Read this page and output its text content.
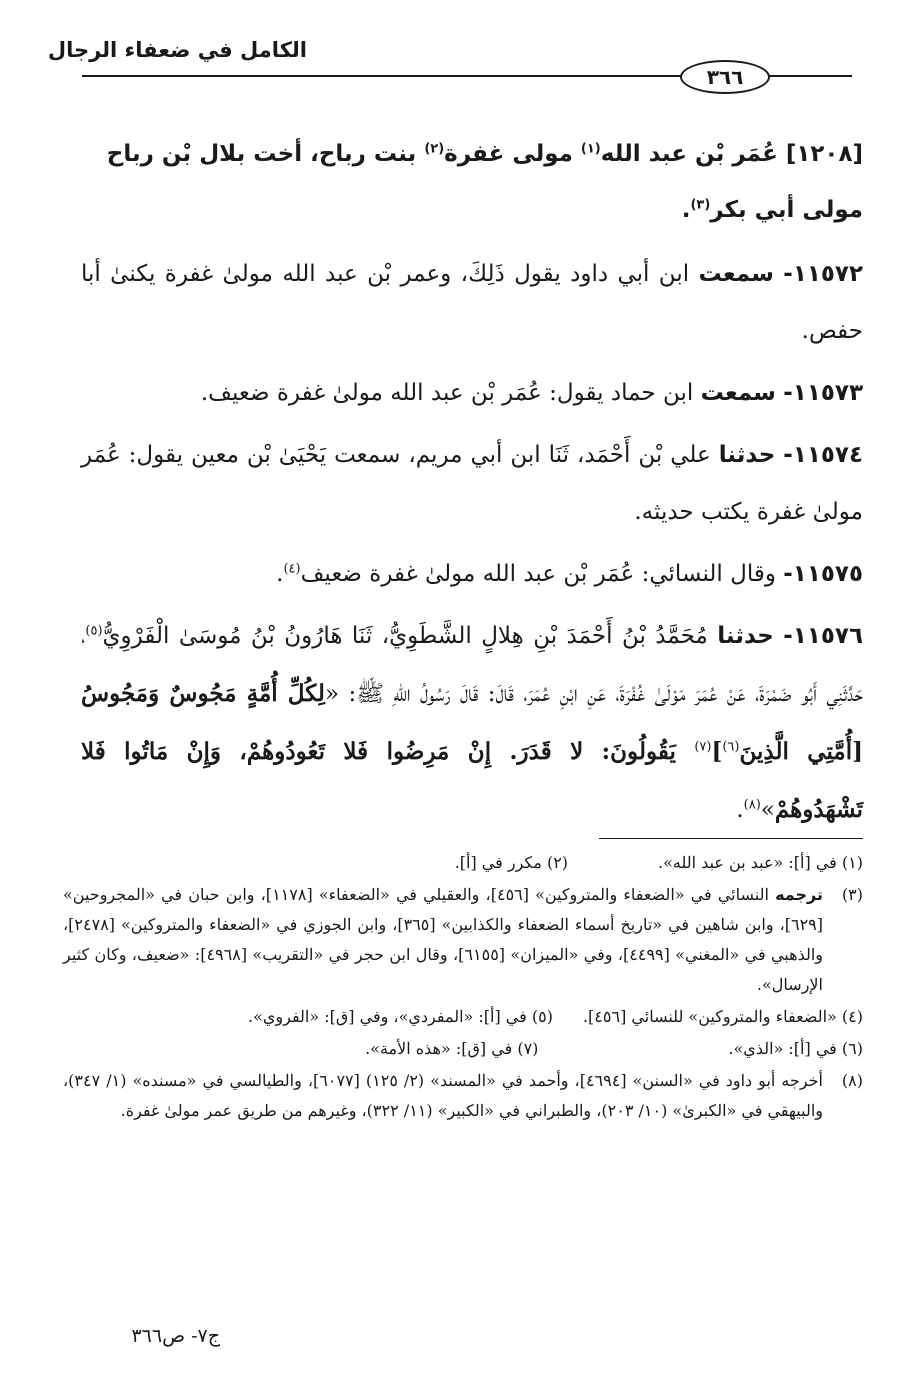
الكامل في ضعفاء الرجال
٣٦٦

[١٢٠٨] عُمَر بْن عبد الله$^{(١)}$ مولى غفرة$^{(٢)}$ بنت رباح، أخت بلال بْن رباح مولى أبي بكر$^{(٣)}$.

١١٥٧٢- سمعت ابن أبي داود يقول ذَلِكَ، وعمر بْن عبد الله مولىٰ غفرة يكنىٰ أبا حفص.

١١٥٧٣- سمعت ابن حماد يقول: عُمَر بْن عبد الله مولىٰ غفرة ضعيف.

١١٥٧٤- حدثنا علي بْن أَحْمَد، ثَنَا ابن أبي مريم، سمعت يَحْيَىٰ بْن معين يقول: عُمَر مولىٰ غفرة يكتب حديثه.

١١٥٧٥- وقال النسائي: عُمَر بْن عبد الله مولىٰ غفرة ضعيف$^{(٤)}$.

١١٥٧٦- حدثنا مُحَمَّدُ بْنُ أَحْمَدَ بْنِ هِلالٍ الشَّطَوِيُّ، ثَنَا هَارُونُ بْنُ مُوسَىٰ الْفَرْوِيُّ$^{(٥)}$، حَدَّثَنِي أَبُو ضَمْرَةَ، عَنْ عُمَرَ مَوْلَىٰ غُفْرَةَ، عَنِ ابْنِ عُمَرَ، قَالَ: قَالَ رَسُولُ اللهِ ﷺ: «لِكُلِّ أُمَّةٍ مَجُوسٌ وَمَجُوسُ [أُمَّتِي الَّذِينَ$^{(٦)}$]$^{(٧)}$ يَقُولُونَ: لا قَدَرَ. إِنْ مَرِضُوا فَلا تَعُودُوهُمْ، وَإِنْ مَاتُوا فَلا تَشْهَدُوهُمْ»$^{(٨)}$.

(١) في [أ]: «عبد بن عبد الله».(٢) مكرر في [أ].

(٣)
ترجمه النسائي في «الضعفاء والمتروكين» [٤٥٦]، والعقيلي في «الضعفاء» [١١٧٨]، وابن حبان في «المجروحين» [٦٢٩]، وابن شاهين في «تاريخ أسماء الضعفاء والكذابين» [٣٦٥]، وابن الجوزي في «الضعفاء والمتروكين» [٢٤٧٨]، والذهبي في «المغني» [٤٤٩٩]، وفي «الميزان» [٦١٥٥]، وقال ابن حجر في «التقريب» [٤٩٦٨]: «ضعيف، وكان كثير الإرسال».

(٤) «الضعفاء والمتروكين» للنسائي [٤٥٦].(٥) في [أ]: «المفردي»، وفي [ق]: «الفروي».

(٦) في [أ]: «الذي».(٧) في [ق]: «هذه الأمة».

(٨)
أخرجه أبو داود في «السنن» [٤٦٩٤]، وأحمد في «المسند» (٢/ ١٢٥) [٦٠٧٧]، والطيالسي في «مسنده» (١/ ٣٤٧)، والبيهقي في «الكبرىٰ» (١٠/ ٢٠٣)، والطبراني في «الكبير» (١١/ ٣٢٢)، وغيرهم من طريق عمر مولىٰ غفرة.

ج٧- ص٣٦٦
